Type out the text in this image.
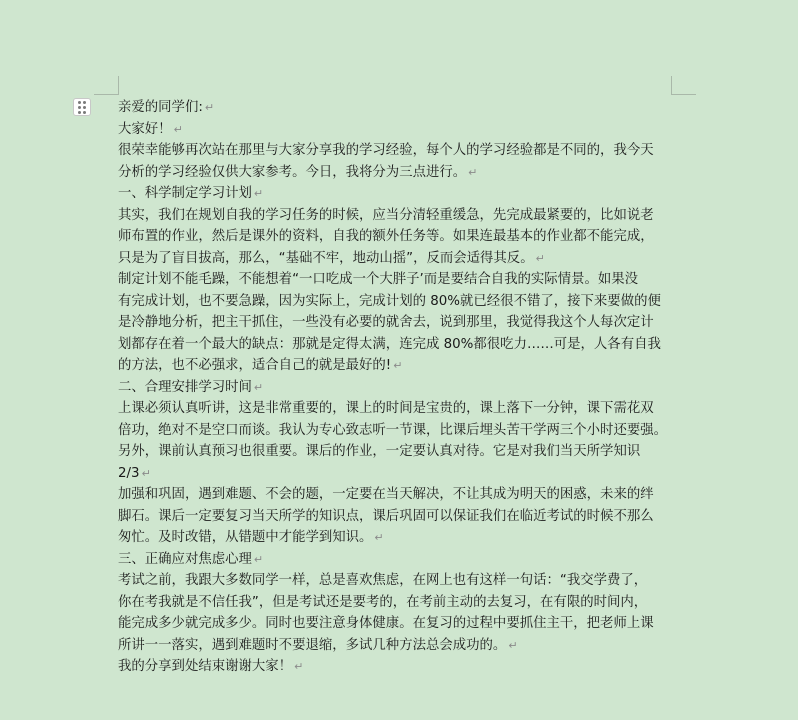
亲爱的同学们: ↵
大家好！ ↵
很荣幸能够再次站在那里与大家分享我的学习经验，每个人的学习经验都是不同的，我今天
分析的学习经验仅供大家参考。今日，我将分为三点进行。 ↵
一、科学制定学习计划 ↵
其实，我们在规划自我的学习任务的时候，应当分清轻重缓急，先完成最紧要的，比如说老
师布置的作业，然后是课外的资料，自我的额外任务等。如果连最基本的作业都不能完成，
只是为了盲目拔高，那么，“基础不牢，地动山摇”，反而会适得其反。 ↵
制定计划不能毛躁，不能想着“一口吃成一个大胖子’而是要结合自我的实际情景。如果没
有完成计划，也不要急躁，因为实际上，完成计划的 80%就已经很不错了，接下来要做的便
是冷静地分析，把主干抓住，一些没有必要的就舍去，说到那里，我觉得我这个人每次定计
划都存在着一个最大的缺点：那就是定得太满，连完成 80%都很吃力……可是，人各有自我
的方法，也不必强求，适合自己的就是最好的! ↵
二、合理安排学习时间 ↵
上课必须认真听讲，这是非常重要的，课上的时间是宝贵的，课上落下一分钟，课下需花双
倍功，绝对不是空口而谈。我认为专心致志听一节课，比课后埋头苦干学两三个小时还要强。
另外，课前认真预习也很重要。课后的作业，一定要认真对待。它是对我们当天所学知识
2/3 ↵
加强和巩固，遇到难题、不会的题，一定要在当天解决，不让其成为明天的困惑，未来的绊
脚石。课后一定要复习当天所学的知识点，课后巩固可以保证我们在临近考试的时候不那么
匆忙。及时改错，从错题中才能学到知识。 ↵
三、正确应对焦虑心理 ↵
考试之前，我跟大多数同学一样，总是喜欢焦虑，在网上也有这样一句话：“我交学费了，
你在考我就是不信任我”，但是考试还是要考的，在考前主动的去复习，在有限的时间内，
能完成多少就完成多少。同时也要注意身体健康。在复习的过程中要抓住主干，把老师上课
所讲一一落实，遇到难题时不要退缩，多试几种方法总会成功的。 ↵
我的分享到处结束谢谢大家！ ↵
